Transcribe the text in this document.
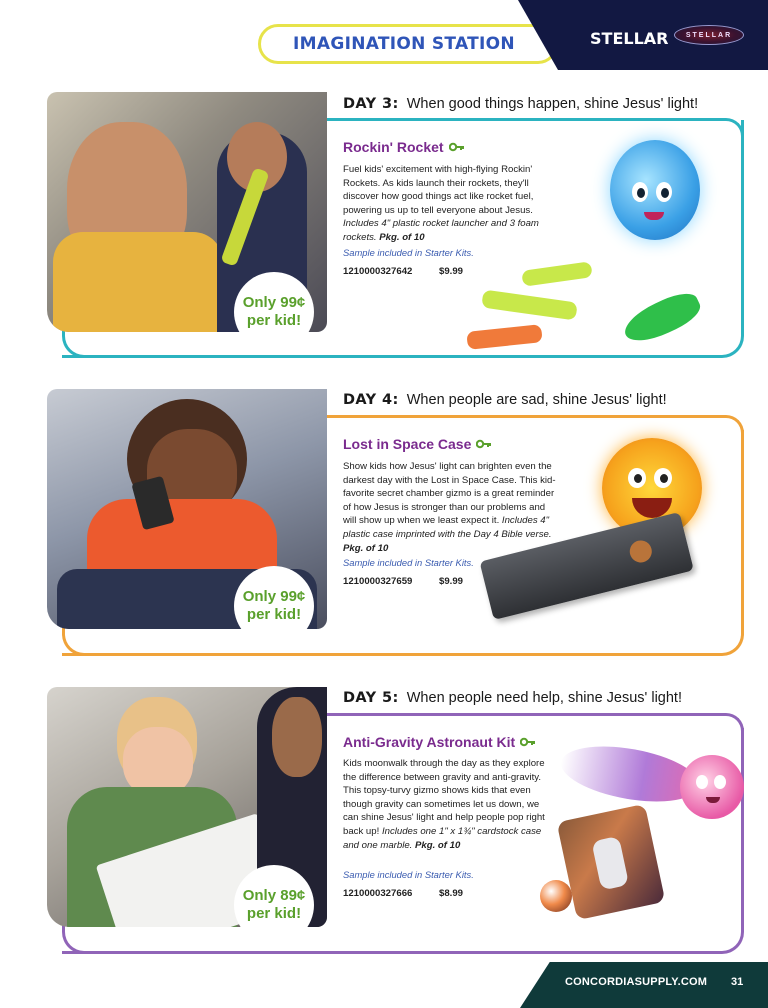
IMAGINATION STATION	STELLAR STELLAR
Only 99¢
per kid!
DAY 3: When good things happen, shine Jesus' light!
Rockin' Rocket
Fuel kids' excitement with high-flying Rockin' Rockets. As kids launch their rockets, they'll discover how good things act like rocket fuel, powering us up to tell everyone about Jesus. Includes 4" plastic rocket launcher and 3 foam rockets. Pkg. of 10
Sample included in Starter Kits.
1210000327642	$9.99
Only 99¢
per kid!
DAY 4: When people are sad, shine Jesus' light!
Lost in Space Case
Show kids how Jesus' light can brighten even the darkest day with the Lost in Space Case. This kid-favorite secret chamber gizmo is a great reminder of how Jesus is stronger than our problems and will show up when we least expect it. Includes 4" plastic case imprinted with the Day 4 Bible verse. Pkg. of 10
Sample included in Starter Kits.
1210000327659	$9.99
Only 89¢
per kid!
DAY 5: When people need help, shine Jesus' light!
Anti-Gravity Astronaut Kit
Kids moonwalk through the day as they explore the difference between gravity and anti-gravity. This topsy-turvy gizmo shows kids that even though gravity can sometimes let us down, we can shine Jesus' light and help people pop right back up! Includes one 1" x 1¾" cardstock case and one marble. Pkg. of 10
Sample included in Starter Kits.
1210000327666	$8.99
CONCORDIASUPPLY.COM 31
